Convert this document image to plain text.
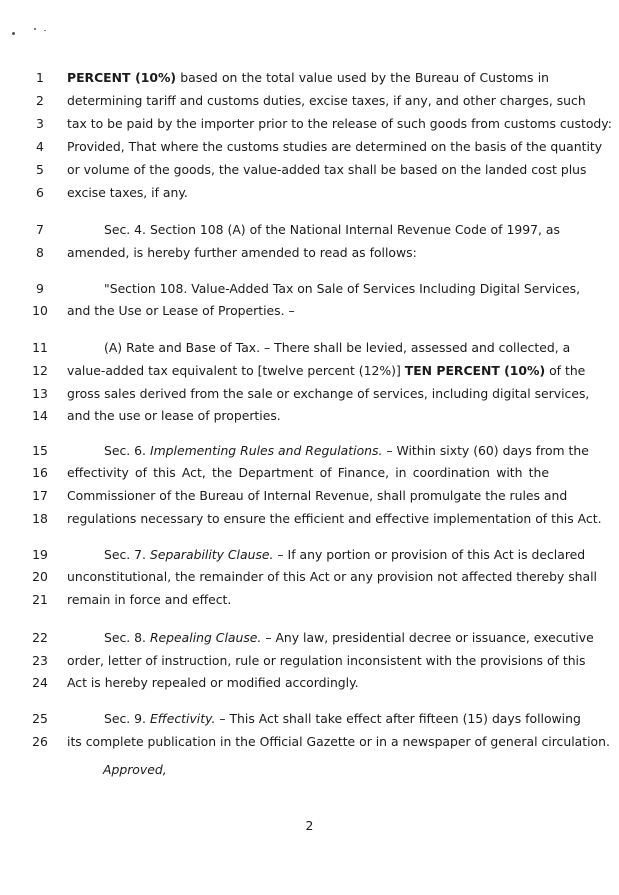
1	PERCENT (10%) based on the total value used by the Bureau of Customs in
2	determining tariff and customs duties, excise taxes, if any, and other charges, such
3	tax to be paid by the importer prior to the release of such goods from customs custody:
4	Provided, That where the customs studies are determined on the basis of the quantity
5	or volume of the goods, the value-added tax shall be based on the landed cost plus
6	excise taxes, if any.
7	Sec. 4. Section 108 (A) of the National Internal Revenue Code of 1997, as
8	amended, is hereby further amended to read as follows:
9	"Section 108. Value-Added Tax on Sale of Services Including Digital Services,
10 and the Use or Lease of Properties. –
11	(A) Rate and Base of Tax. – There shall be levied, assessed and collected, a
12 value-added tax equivalent to [twelve percent (12%)] TEN PERCENT (10%) of the
13 gross sales derived from the sale or exchange of services, including digital services,
14 and the use or lease of properties.
15	Sec. 6. Implementing Rules and Regulations. – Within sixty (60) days from the
16 effectivity of this Act, the Department of Finance, in coordination with the
17 Commissioner of the Bureau of Internal Revenue, shall promulgate the rules and
18 regulations necessary to ensure the efficient and effective implementation of this Act.
19	Sec. 7. Separability Clause. – If any portion or provision of this Act is declared
20 unconstitutional, the remainder of this Act or any provision not affected thereby shall
21 remain in force and effect.
22	Sec. 8. Repealing Clause. – Any law, presidential decree or issuance, executive
23 order, letter of instruction, rule or regulation inconsistent with the provisions of this
24 Act is hereby repealed or modified accordingly.
25	Sec. 9. Effectivity. – This Act shall take effect after fifteen (15) days following
26 its complete publication in the Official Gazette or in a newspaper of general circulation.
Approved,
2
